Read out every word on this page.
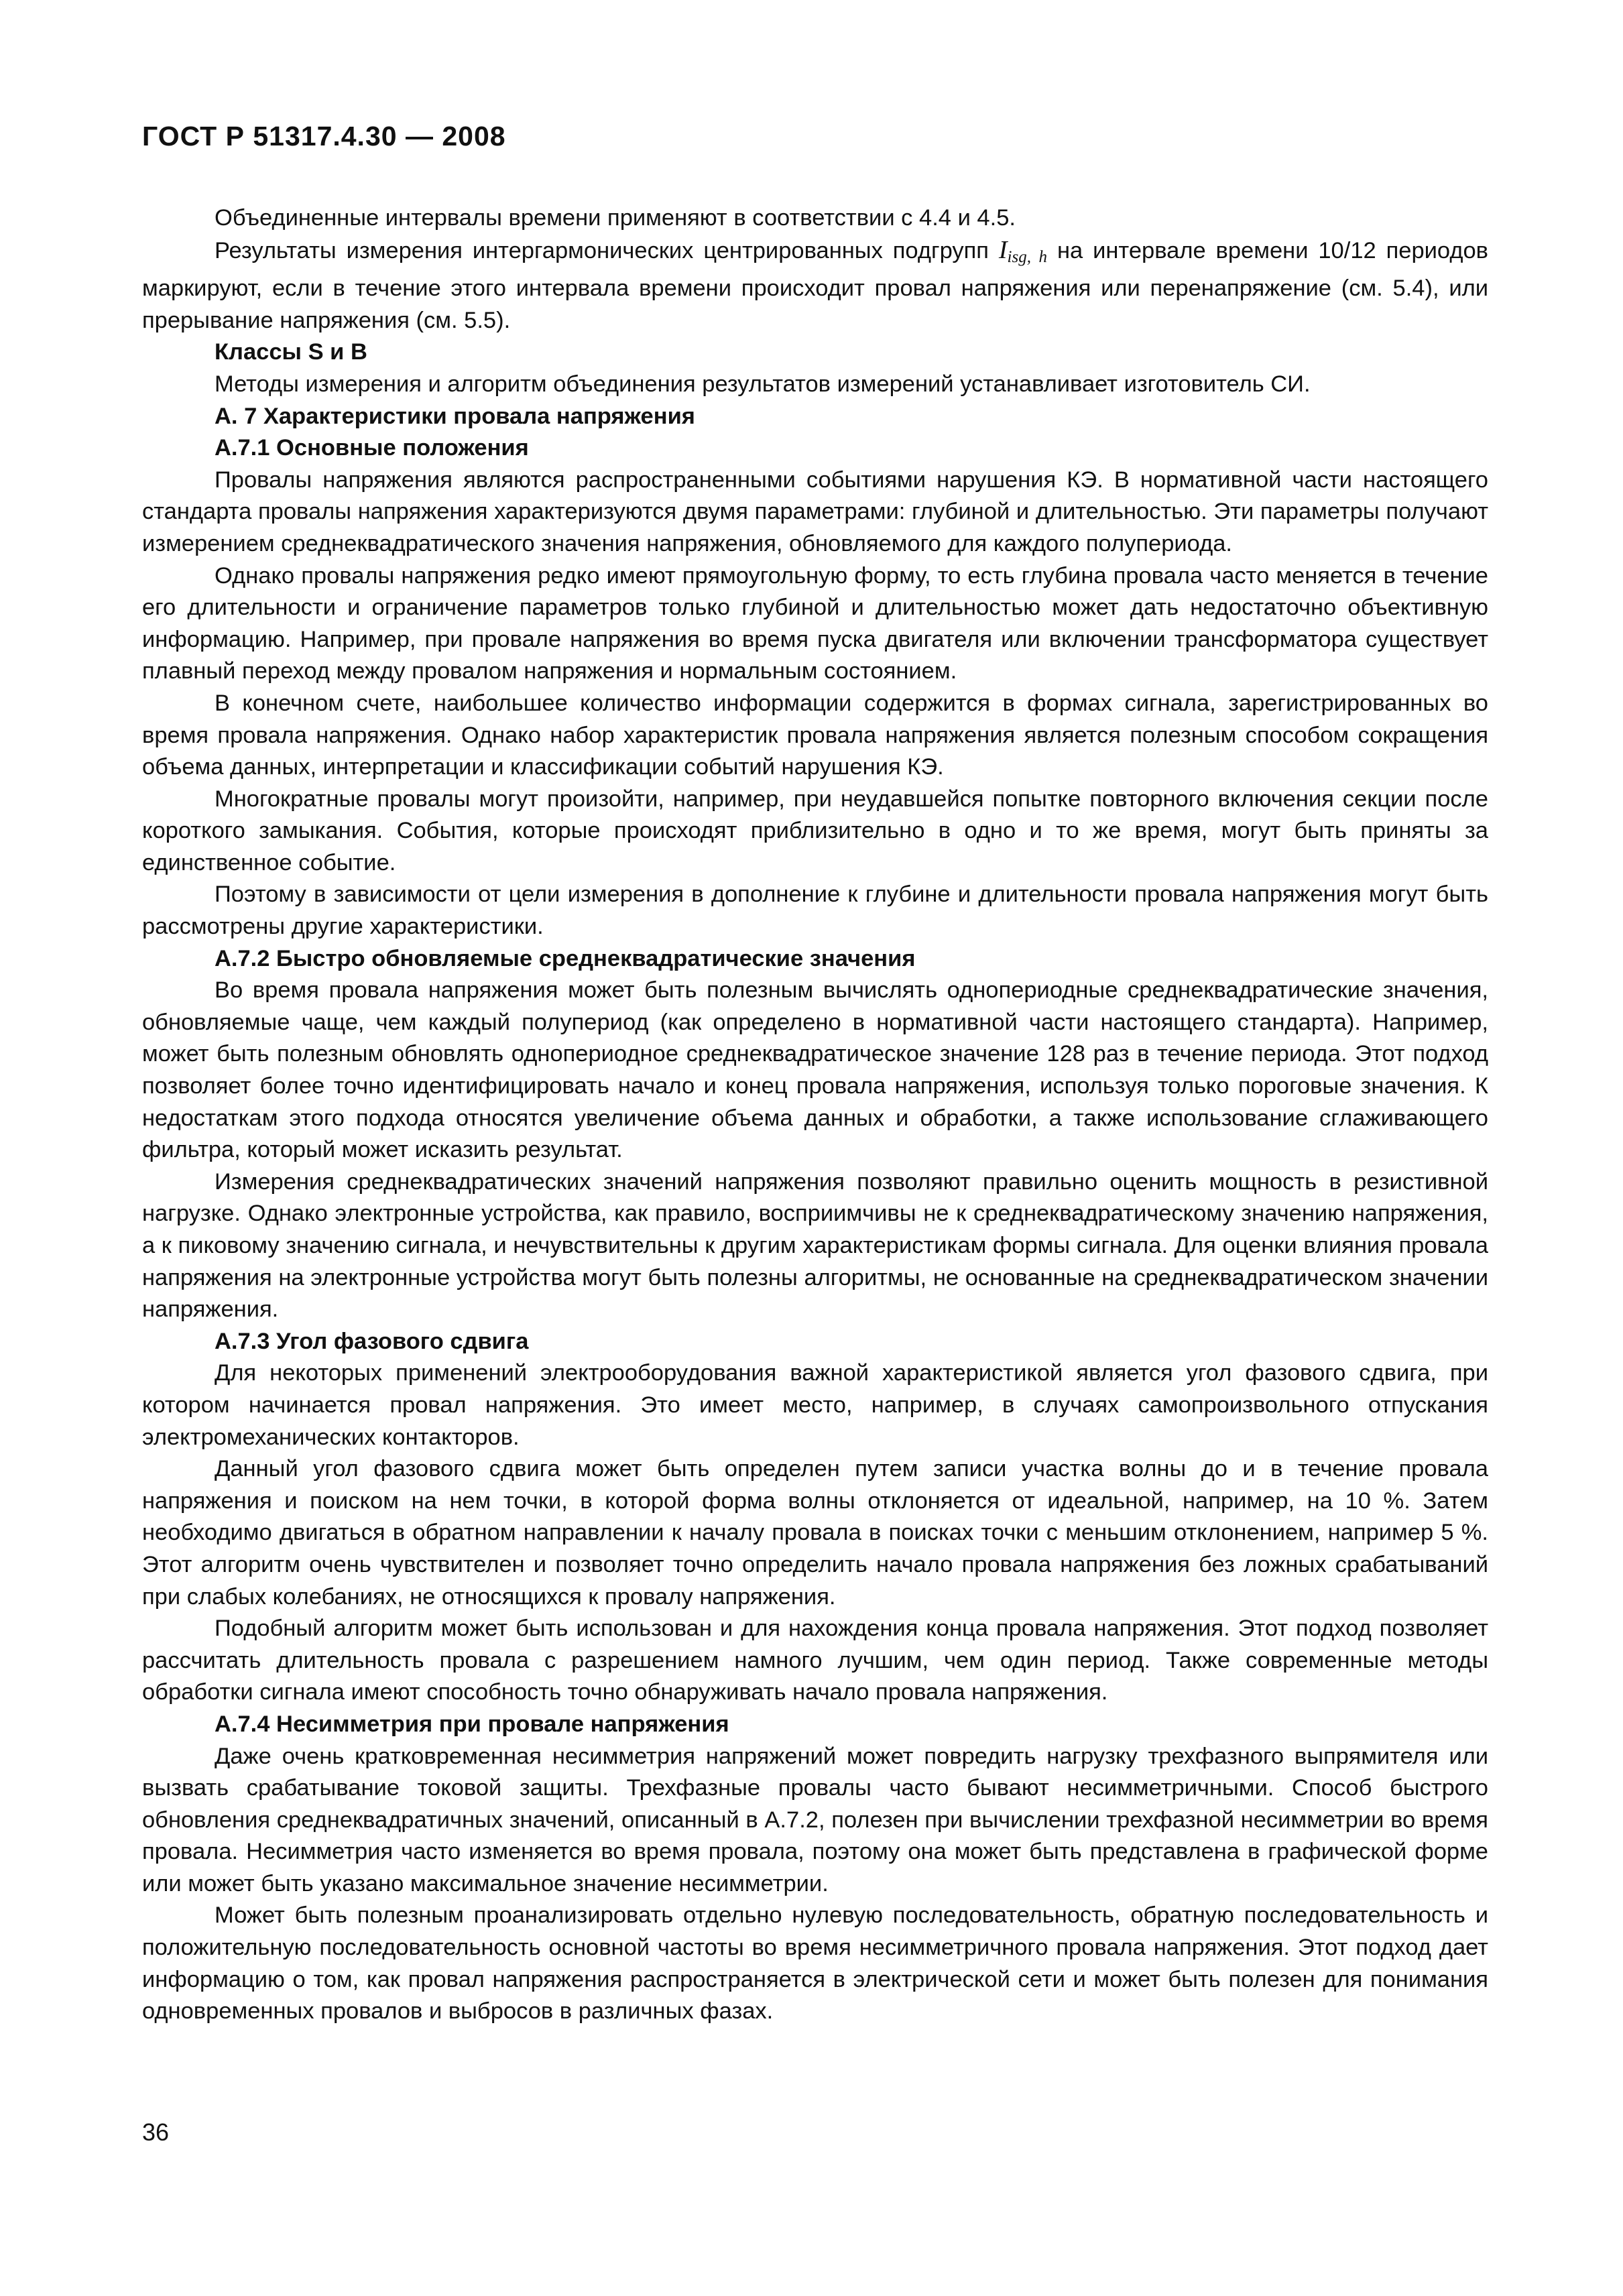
ГОСТ Р 51317.4.30 — 2008

Объединенные интервалы времени применяют в соответствии с 4.4 и 4.5.

Результаты измерения интергармонических центрированных подгрупп $I_{isg, h}$ на интервале времени 10/12 периодов маркируют, если в течение этого интервала времени происходит провал напряжения или перенапряжение (см. 5.4), или прерывание напряжения (см. 5.5).

Классы S и В

Методы измерения и алгоритм объединения результатов измерений устанавливает изготовитель СИ.

А. 7 Характеристики провала напряжения
А.7.1 Основные положения

Провалы напряжения являются распространенными событиями нарушения КЭ. В нормативной части настоящего стандарта провалы напряжения характеризуются двумя параметрами: глубиной и длительностью. Эти параметры получают измерением среднеквадратического значения напряжения, обновляемого для каждого полупериода.

Однако провалы напряжения редко имеют прямоугольную форму, то есть глубина провала часто меняется в течение его длительности и ограничение параметров только глубиной и длительностью может дать недостаточно объективную информацию. Например, при провале напряжения во время пуска двигателя или включении трансформатора существует плавный переход между провалом напряжения и нормальным состоянием.

В конечном счете, наибольшее количество информации содержится в формах сигнала, зарегистрированных во время провала напряжения. Однако набор характеристик провала напряжения является полезным способом сокращения объема данных, интерпретации и классификации событий нарушения КЭ.

Многократные провалы могут произойти, например, при неудавшейся попытке повторного включения секции после короткого замыкания. События, которые происходят приблизительно в одно и то же время, могут быть приняты за единственное событие.

Поэтому в зависимости от цели измерения в дополнение к глубине и длительности провала напряжения могут быть рассмотрены другие характеристики.

А.7.2 Быстро обновляемые среднеквадратические значения

Во время провала напряжения может быть полезным вычислять однопериодные среднеквадратические значения, обновляемые чаще, чем каждый полупериод (как определено в нормативной части настоящего стандарта). Например, может быть полезным обновлять однопериодное среднеквадратическое значение 128 раз в течение периода. Этот подход позволяет более точно идентифицировать начало и конец провала напряжения, используя только пороговые значения. К недостаткам этого подхода относятся увеличение объема данных и обработки, а также использование сглаживающего фильтра, который может исказить результат.

Измерения среднеквадратических значений напряжения позволяют правильно оценить мощность в резистивной нагрузке. Однако электронные устройства, как правило, восприимчивы не к среднеквадратическому значению напряжения, а к пиковому значению сигнала, и нечувствительны к другим характеристикам формы сигнала. Для оценки влияния провала напряжения на электронные устройства могут быть полезны алгоритмы, не основанные на среднеквадратическом значении напряжения.

А.7.3 Угол фазового сдвига

Для некоторых применений электрооборудования важной характеристикой является угол фазового сдвига, при котором начинается провал напряжения. Это имеет место, например, в случаях самопроизвольного отпускания электромеханических контакторов.

Данный угол фазового сдвига может быть определен путем записи участка волны до и в течение провала напряжения и поиском на нем точки, в которой форма волны отклоняется от идеальной, например, на 10 %. Затем необходимо двигаться в обратном направлении к началу провала в поисках точки с меньшим отклонением, например 5 %. Этот алгоритм очень чувствителен и позволяет точно определить начало провала напряжения без ложных срабатываний при слабых колебаниях, не относящихся к провалу напряжения.

Подобный алгоритм может быть использован и для нахождения конца провала напряжения. Этот подход позволяет рассчитать длительность провала с разрешением намного лучшим, чем один период. Также современные методы обработки сигнала имеют способность точно обнаруживать начало провала напряжения.

А.7.4 Несимметрия при провале напряжения

Даже очень кратковременная несимметрия напряжений может повредить нагрузку трехфазного выпрямителя или вызвать срабатывание токовой защиты. Трехфазные провалы часто бывают несимметричными. Способ быстрого обновления среднеквадратичных значений, описанный в А.7.2, полезен при вычислении трехфазной несимметрии во время провала. Несимметрия часто изменяется во время провала, поэтому она может быть представлена в графической форме или может быть указано максимальное значение несимметрии.

Может быть полезным проанализировать отдельно нулевую последовательность, обратную последовательность и положительную последовательность основной частоты во время несимметричного провала напряжения. Этот подход дает информацию о том, как провал напряжения распространяется в электрической сети и может быть полезен для понимания одновременных провалов и выбросов в различных фазах.

36
